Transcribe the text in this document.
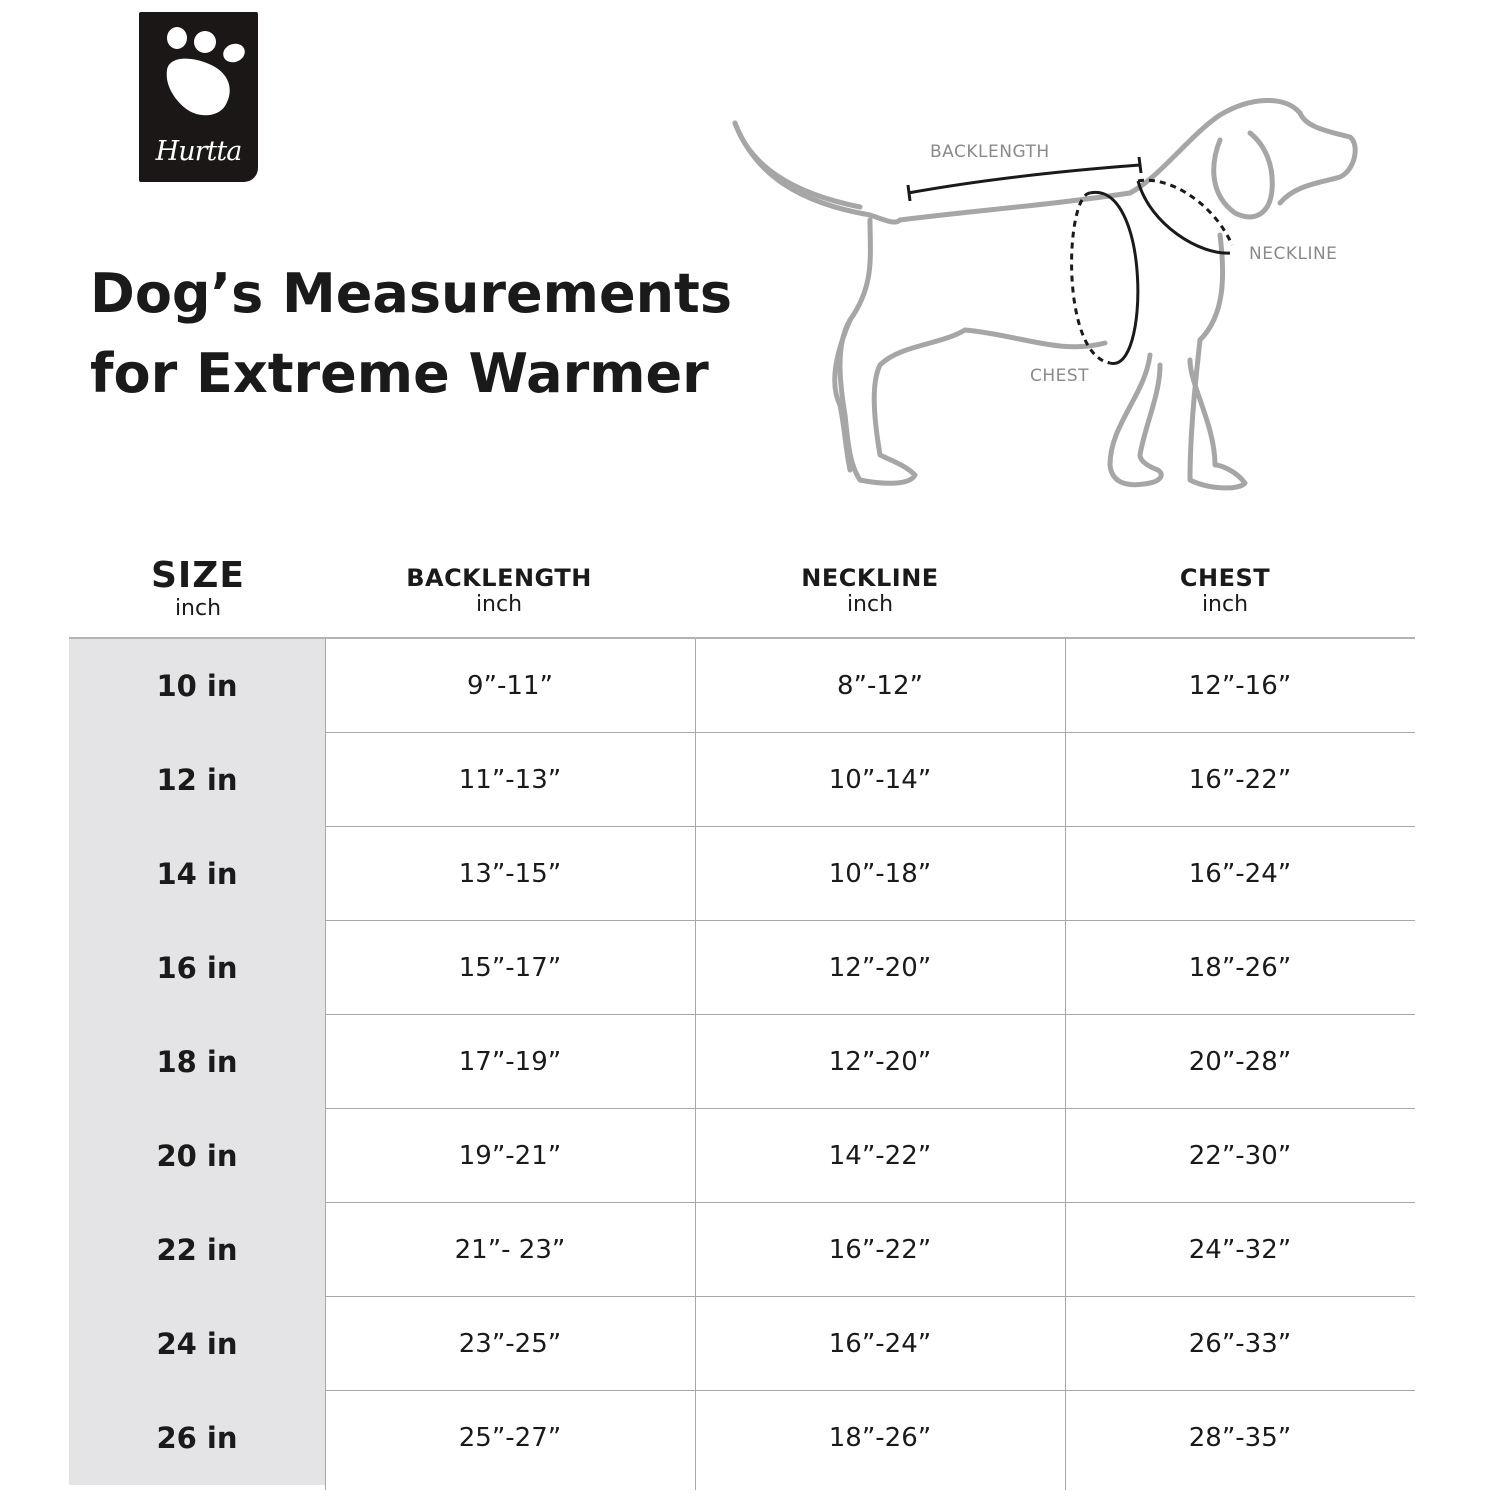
Hurtta
Dog’s Measurements
for Extreme Warmer
BACKLENGTH
NECKLINE
CHEST
SIZE
inch
BACKLENGTH
inch
NECKLINE
inch
CHEST
inch
10 in	9”-11”	8”-12”	12”-16”
12 in	11”-13”	10”-14”	16”-22”
14 in	13”-15”	10”-18”	16”-24”
16 in	15”-17”	12”-20”	18”-26”
18 in	17”-19”	12”-20”	20”-28”
20 in	19”-21”	14”-22”	22”-30”
22 in	21”- 23”	16”-22”	24”-32”
24 in	23”-25”	16”-24”	26”-33”
26 in	25”-27”	18”-26”	28”-35”
